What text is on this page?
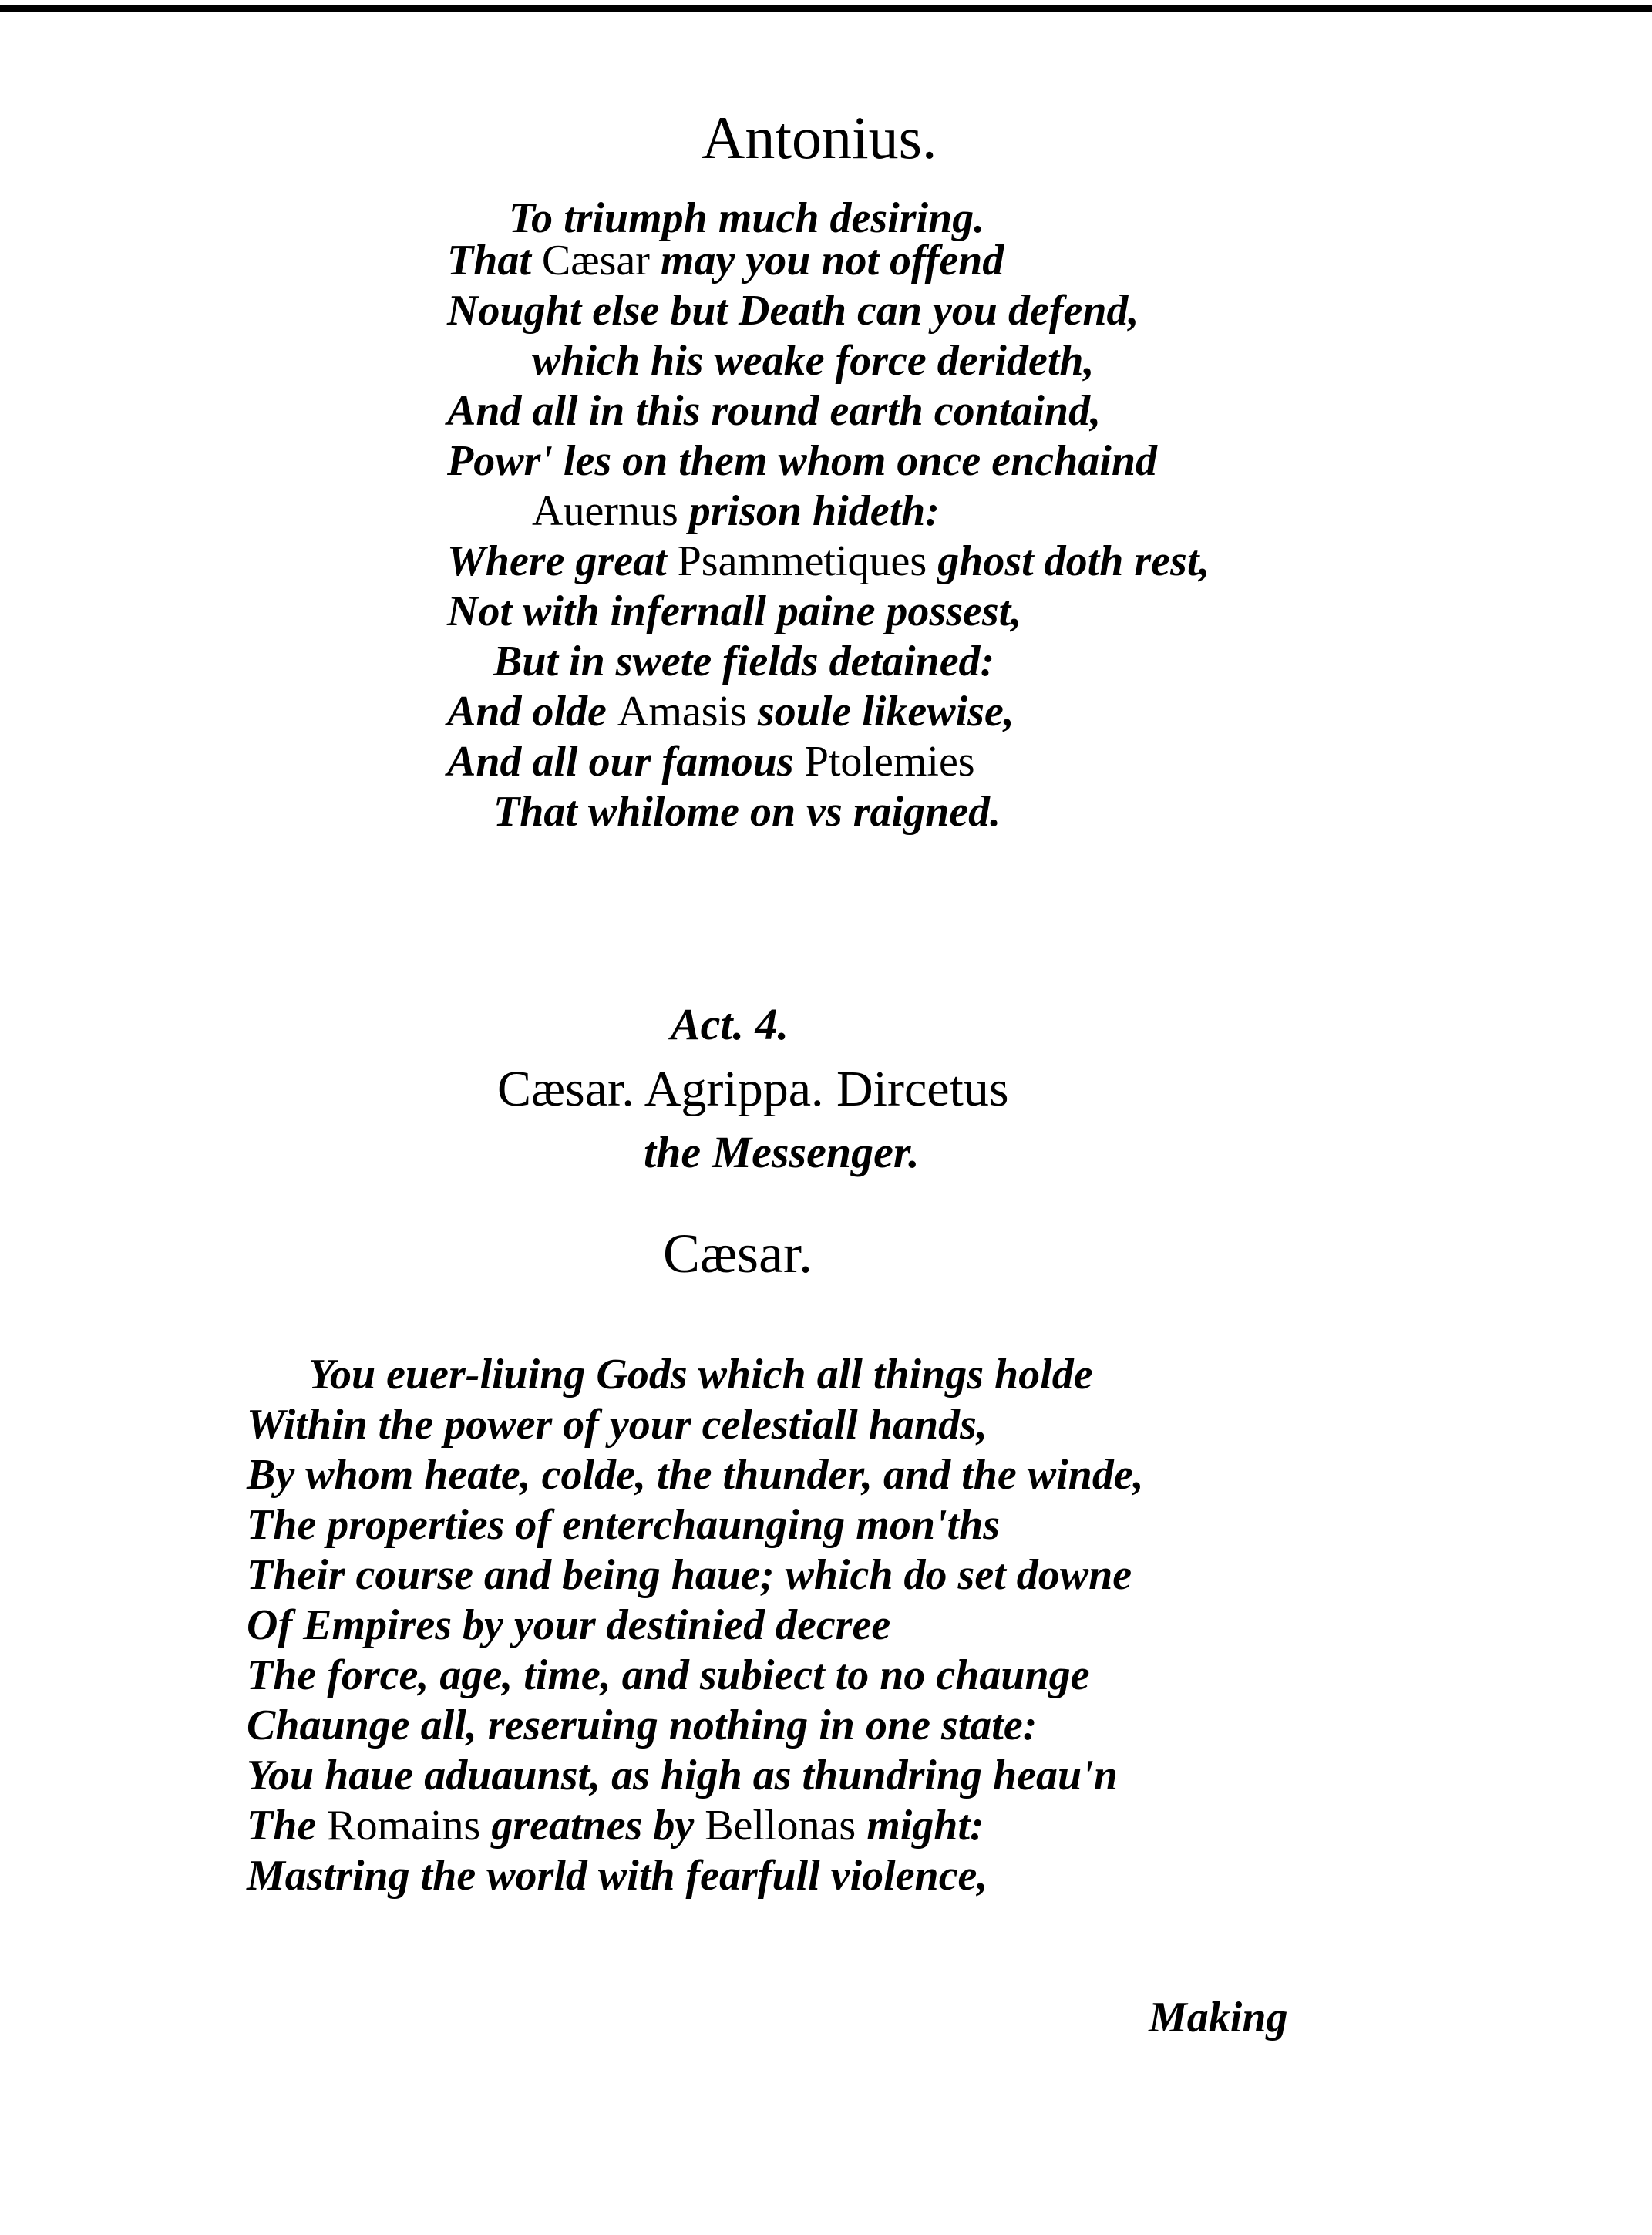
Antonius.
To triumph much desiring.
That Cæsar may you not offend
Nought else but Death can you defend,
which his weake force derideth,
And all in this round earth containd,
Powr' les on them whom once enchaind
Auernus prison hideth:
Where great Psammetiques ghost doth rest,
Not with infernall paine possest,
But in swete fields detained:
And olde Amasis soule likewise,
And all our famous Ptolemies
That whilome on vs raigned.
Act. 4.
Cæsar. Agrippa. Dircetus
the Messenger.
Cæsar.
You euer-liuing Gods which all things holde
Within the power of your celestiall hands,
By whom heate, colde, the thunder, and the winde,
The properties of enterchaunging mon'ths
Their course and being haue; which do set downe
Of Empires by your destinied decree
The force, age, time, and subiect to no chaunge
Chaunge all, reseruing nothing in one state:
You haue aduaunst, as high as thundring heau'n
The Romains greatnes by Bellonas might:
Mastring the world with fearfull violence,
Making
